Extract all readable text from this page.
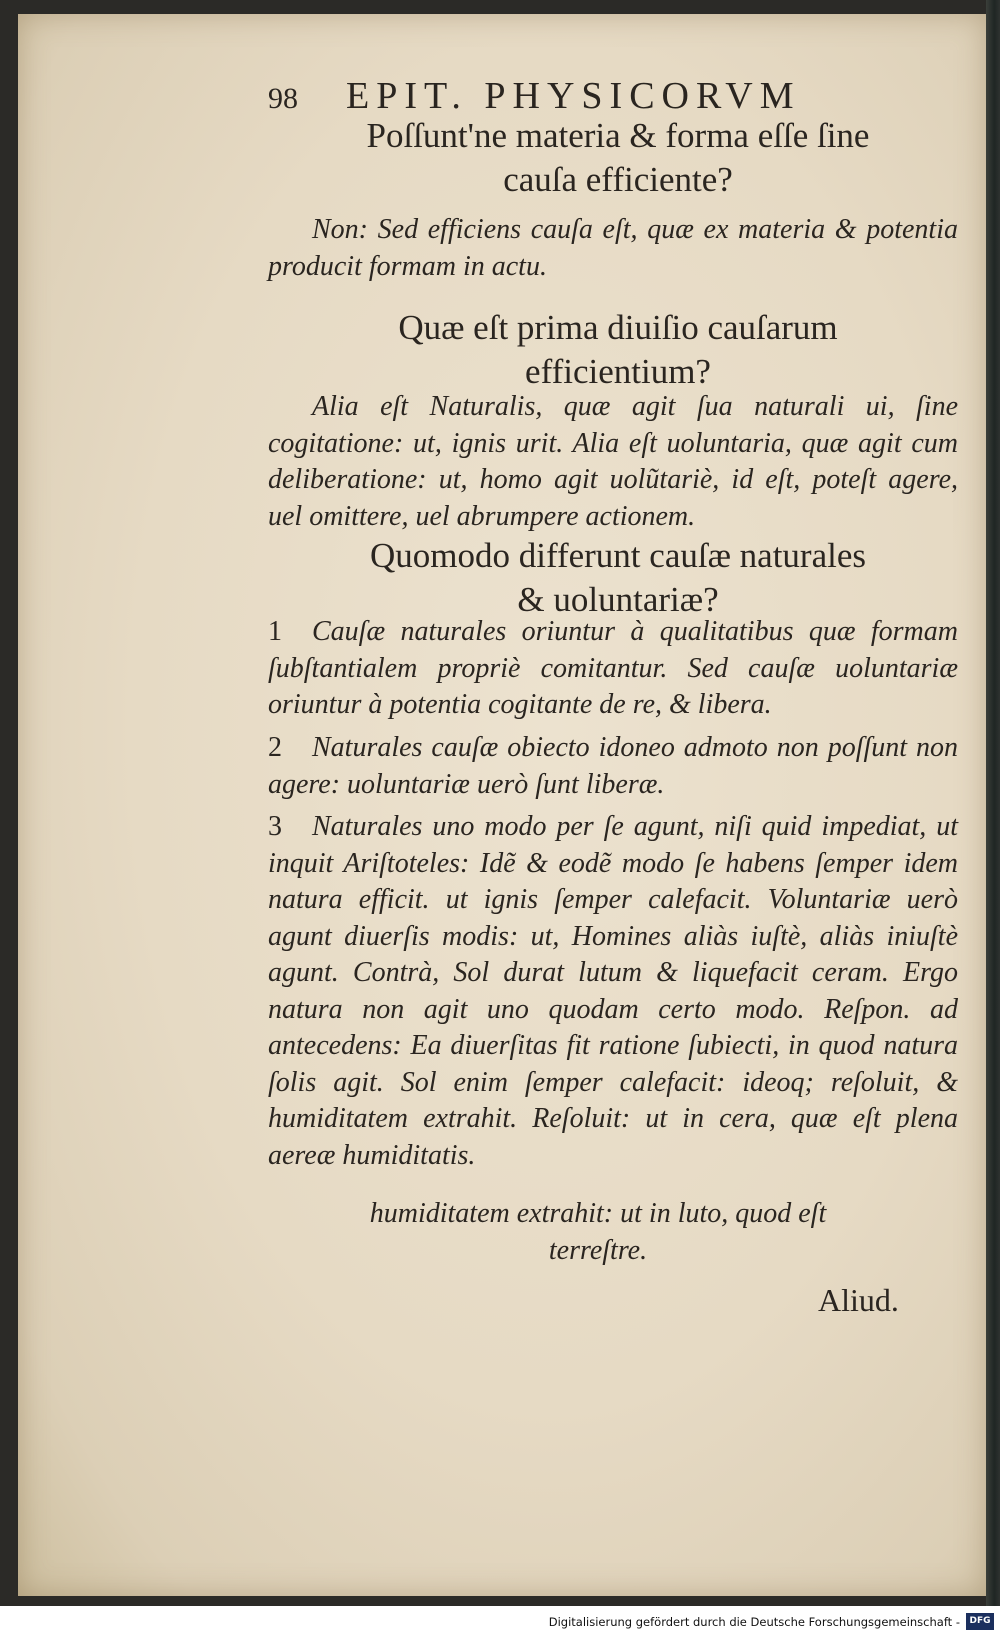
98 EPIT. PHYSICORVM
Poſſunt'ne materia & forma eſſe ſine
cauſa efficiente?
Non: Sed efficiens cauſa eſt, quæ ex materia & potentia producit formam in actu.
Quæ eſt prima diuiſio cauſarum
efficientium?
Alia eſt Naturalis, quæ agit ſua naturali ui, ſine cogitatione: ut, ignis urit. Alia eſt uoluntaria, quæ agit cum deliberatione: ut, homo agit uolũtariè, id eſt, poteſt agere, uel omittere, uel abrumpere actionem.
Quomodo differunt cauſæ naturales
& uoluntariæ?
1 Cauſæ naturales oriuntur à qualitatibus quæ formam ſubſtantialem propriè comitantur. Sed cauſæ uoluntariæ oriuntur à potentia cogitante de re, & libera.
2 Naturales cauſæ obiecto idoneo admoto non poſſunt non agere: uoluntariæ uerò ſunt liberæ.
3 Naturales uno modo per ſe agunt, niſi quid impediat, ut inquit Ariſtoteles: Idẽ & eodẽ modo ſe habens ſemper idem natura efficit. ut ignis ſemper calefacit. Voluntariæ uerò agunt diuerſis modis: ut, Homines aliàs iuſtè, aliàs iniuſtè agunt. Contrà, Sol durat lutum & liquefacit ceram. Ergo natura non agit uno quodam certo modo. Reſpon. ad antecedens: Ea diuerſitas fit ratione ſubiecti, in quod natura ſolis agit. Sol enim ſemper calefacit: ideoq; reſoluit, & humiditatem extrahit. Reſoluit: ut in cera, quæ eſt plena aereæ humiditatis.
humiditatem extrahit: ut in luto, quod eſt terreſtre.
Aliud.
Digitalisierung gefördert durch die Deutsche Forschungsgemeinschaft -	DFG
